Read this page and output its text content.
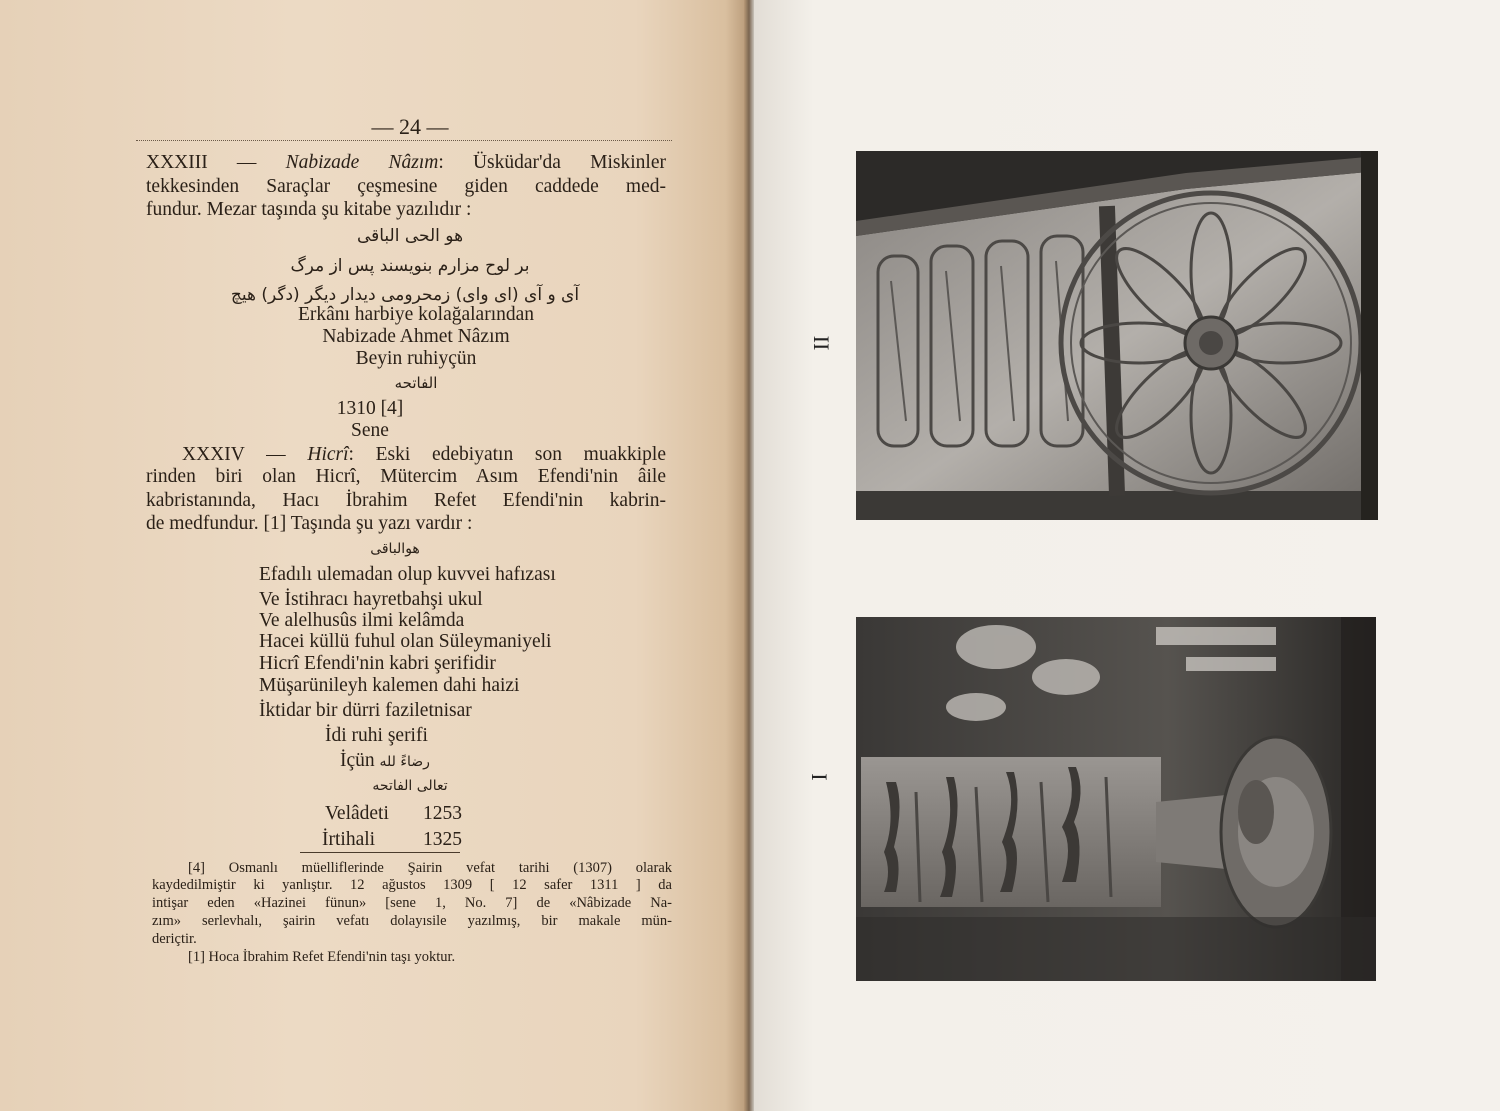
— 24 —
XXXIII — Nabizade Nâzım: Üsküdar'da Miskinler
tekkesinden Saraçlar çeşmesine giden caddede med-
fundur. Mezar taşında şu kitabe yazılıdır :
هو الحی الباقی
بر لوح مزارم بنویسند پس از مرگ
آی و آی (ای وای) زمحرومی دیدار دیگر (دگر) هیچ
Erkânı harbiye kolağalarından
Nabizade Ahmet Nâzım
Beyin ruhiyçün
الفاتحه
1310 [4]
Sene
XXXIV — Hicrî: Eski edebiyatın son muakkiple
rinden biri olan Hicrî, Mütercim Asım Efendi'nin âile
kabristanında, Hacı İbrahim Refet Efendi'nin kabrin-
de medfundur. [1] Taşında şu yazı vardır :
هوالباقی
Efadılı ulemadan olup kuvvei hafızası
Ve İstihracı hayretbahşi ukul
Ve alelhusûs ilmi kelâmda
Hacei küllü fuhul olan Süleymaniyeli
Hicrî Efendi'nin kabri şerifidir
Müşarünileyh kalemen dahi haizi
İktidar bir dürri faziletnisar
İdi ruhi şerifi
İçün رضاءً لله
تعالی الفاتحه
Velâdeti 1253
İrtihali 1325
[4] Osmanlı müelliflerinde Şairin vefat tarihi (1307) olarak
kaydedilmiştir ki yanlıştır. 12 ağustos 1309 [ 12 safer 1311 ] da
intişar eden «Hazinei fünun» [sene 1, No. 7] de «Nâbizade Na-
zım» serlevhalı, şairin vefatı dolayısile yazılmış, bir makale mün-
deriçtir.
[1] Hoca İbrahim Refet Efendi'nin taşı yoktur.
II
I
